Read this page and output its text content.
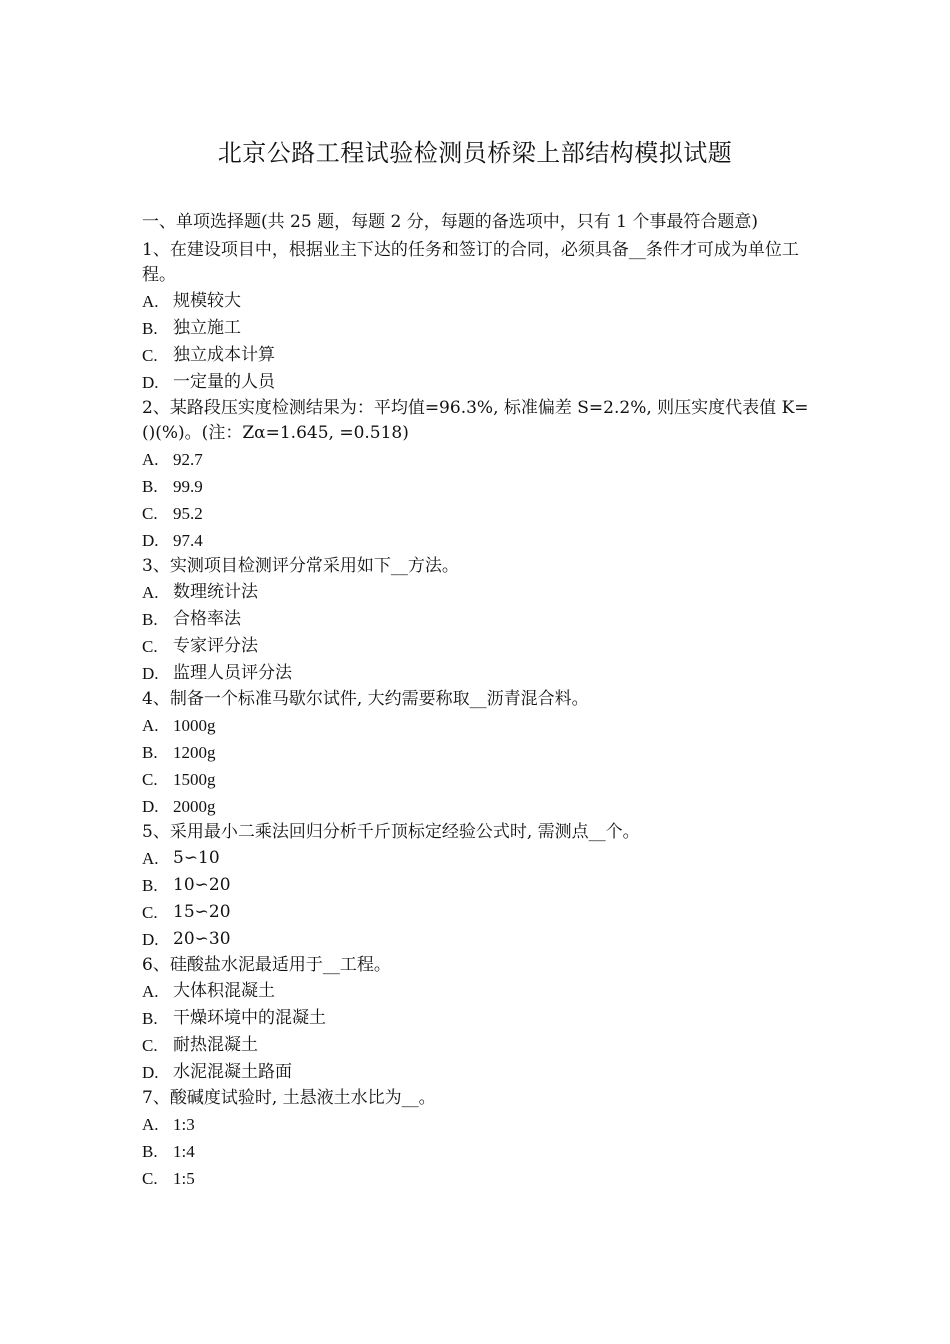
北京公路工程试验检测员桥梁上部结构模拟试题
一、单项选择题(共 25 题，每题 2 分，每题的备选项中，只有 1 个事最符合题意)
1、在建设项目中，根据业主下达的任务和签订的合同，必须具备__条件才可成为单位工程。
A. 规模较大
B. 独立施工
C. 独立成本计算
D. 一定量的人员
2、某路段压实度检测结果为：平均值=96.3%, 标准偏差 S=2.2%, 则压实度代表值 K=()(%)。(注：Zα=1.645, =0.518)
A. 92.7
B. 99.9
C. 95.2
D. 97.4
3、实测项目检测评分常采用如下__方法。
A. 数理统计法
B. 合格率法
C. 专家评分法
D. 监理人员评分法
4、制备一个标准马歇尔试件, 大约需要称取__沥青混合料。
A. 1000g
B. 1200g
C. 1500g
D. 2000g
5、采用最小二乘法回归分析千斤顶标定经验公式时, 需测点__个。
A. 5∽10
B. 10∽20
C. 15∽20
D. 20∽30
6、硅酸盐水泥最适用于__工程。
A. 大体积混凝土
B. 干燥环境中的混凝土
C. 耐热混凝土
D. 水泥混凝土路面
7、酸碱度试验时, 土悬液土水比为__。
A. 1:3
B. 1:4
C. 1:5
